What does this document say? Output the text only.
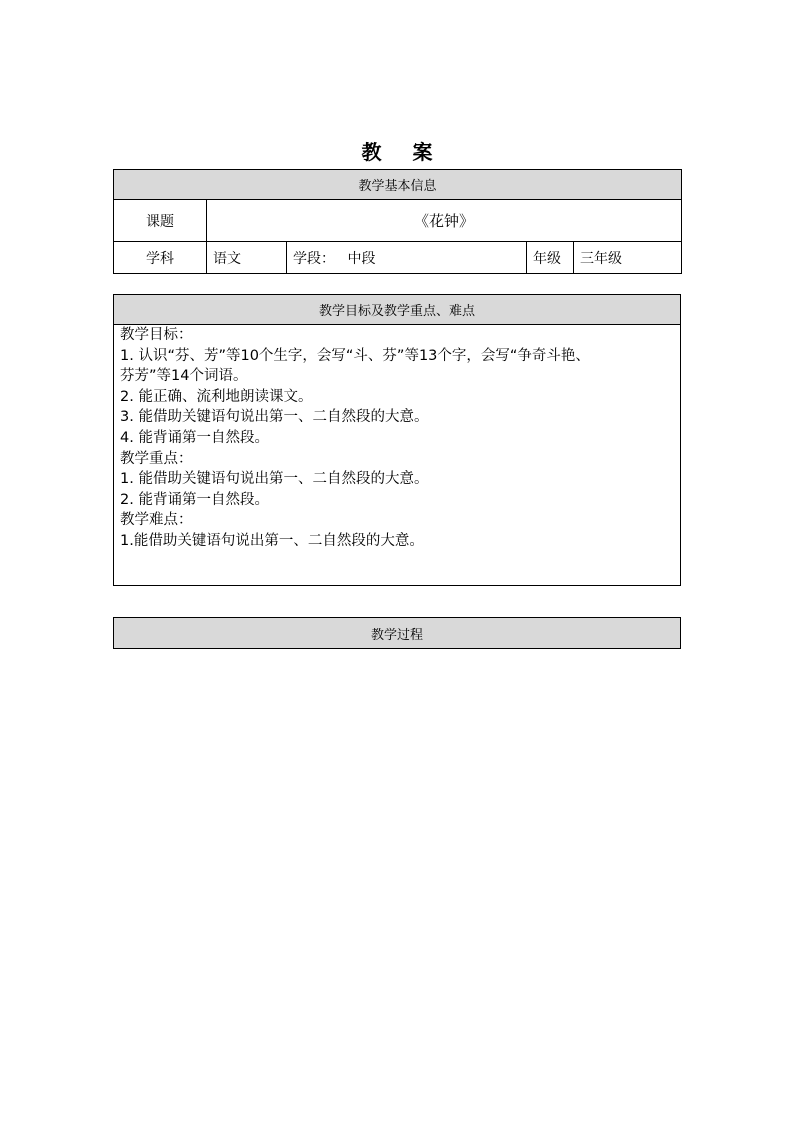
教 案
教学基本信息				
课题	《花钟》			
学科	语文	学段： 中段	年级	三年级
教学目标及教学重点、难点

教学目标：
1. 认识“芬、芳”等10个生字，会写“斗、芬”等13个字，会写“争奇斗艳、
芬芳”等14个词语。
2. 能正确、流利地朗读课文。
3. 能借助关键语句说出第一、二自然段的大意。
4. 能背诵第一自然段。
教学重点：
1. 能借助关键语句说出第一、二自然段的大意。
2. 能背诵第一自然段。
教学难点：
1.能借助关键语句说出第一、二自然段的大意。
教学过程
